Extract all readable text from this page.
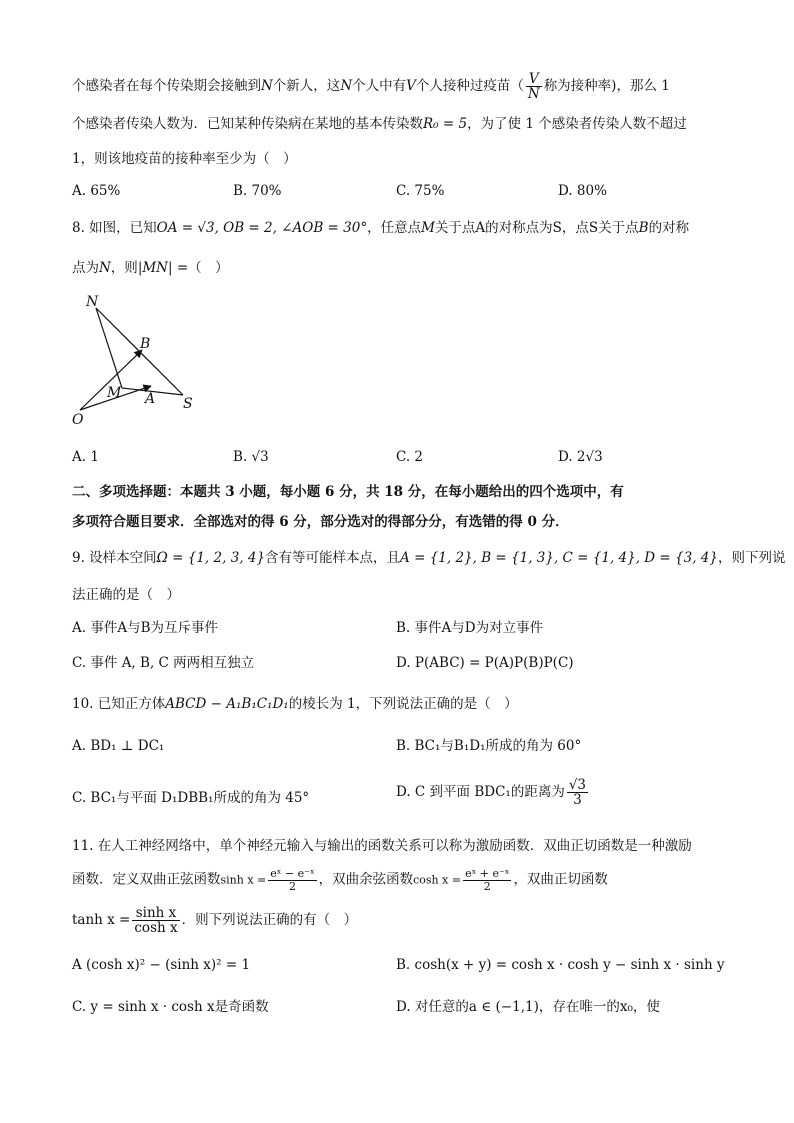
个感染者在每个传染期会接触到N个新人，这N个人中有V个人接种过疫苗（ $\frac{V}{N}$ 称为接种率)，那么 1
个感染者传染人数为．已知某种传染病在某地的基本传染数R₀ = 5，为了使 1 个感染者传染人数不超过
1，则该地疫苗的接种率至少为（　）
A. 65%	B. 70%	C. 75%	D. 80%
8. 如图，已知OA = √3, OB = 2, ∠AOB = 30°，任意点M关于点A的对称点为S，点S关于点B的对称
点为N，则|MN| =（　）
N
B
M A S
O
A. 1	B. √3	C. 2	D. 2√3
二、多项选择题：本题共 3 小题，每小题 6 分，共 18 分，在每小题给出的四个选项中，有
多项符合题目要求．全部选对的得 6 分，部分选对的得部分分，有选错的得 0 分．
9. 设样本空间Ω = {1, 2, 3, 4}含有等可能样本点，且A = {1, 2}, B = {1, 3}, C = {1, 4}, D = {3, 4}，则下列说
法正确的是（　）
A. 事件A与B为互斥事件	B. 事件A与D为对立事件
C. 事件 A, B, C 两两相互独立	D. P(ABC) = P(A)P(B)P(C)
10. 已知正方体ABCD − A₁B₁C₁D₁的棱长为 1，下列说法正确的是（　）
A. BD₁ ⊥ DC₁	B. BC₁与B₁D₁所成的角为 60°
C. BC₁与平面 D₁DBB₁所成的角为 45°	D. C 到平面 BDC₁的距离为 $\frac{√3}{3}$
11. 在人工神经网络中，单个神经元输入与输出的函数关系可以称为激励函数．双曲正切函数是一种激励
函数．定义双曲正弦函数$\sinh x = \frac{\text{eˣ − e⁻ˣ}}{2}$ ，双曲余弦函数$\cosh x = \frac{\text{eˣ + e⁻ˣ}}{2}$ ，双曲正切函数
$\tanh x = \frac{\text{sinh x}}{\text{cosh x}}$ ．则下列说法正确的有（　）
A (cosh x)² − (sinh x)² = 1	B. cosh(x + y) = cosh x · cosh y − sinh x · sinh y
C. y = sinh x · cosh x是奇函数	D. 对任意的a ∈ (−1,1)，存在唯一的x₀，使
